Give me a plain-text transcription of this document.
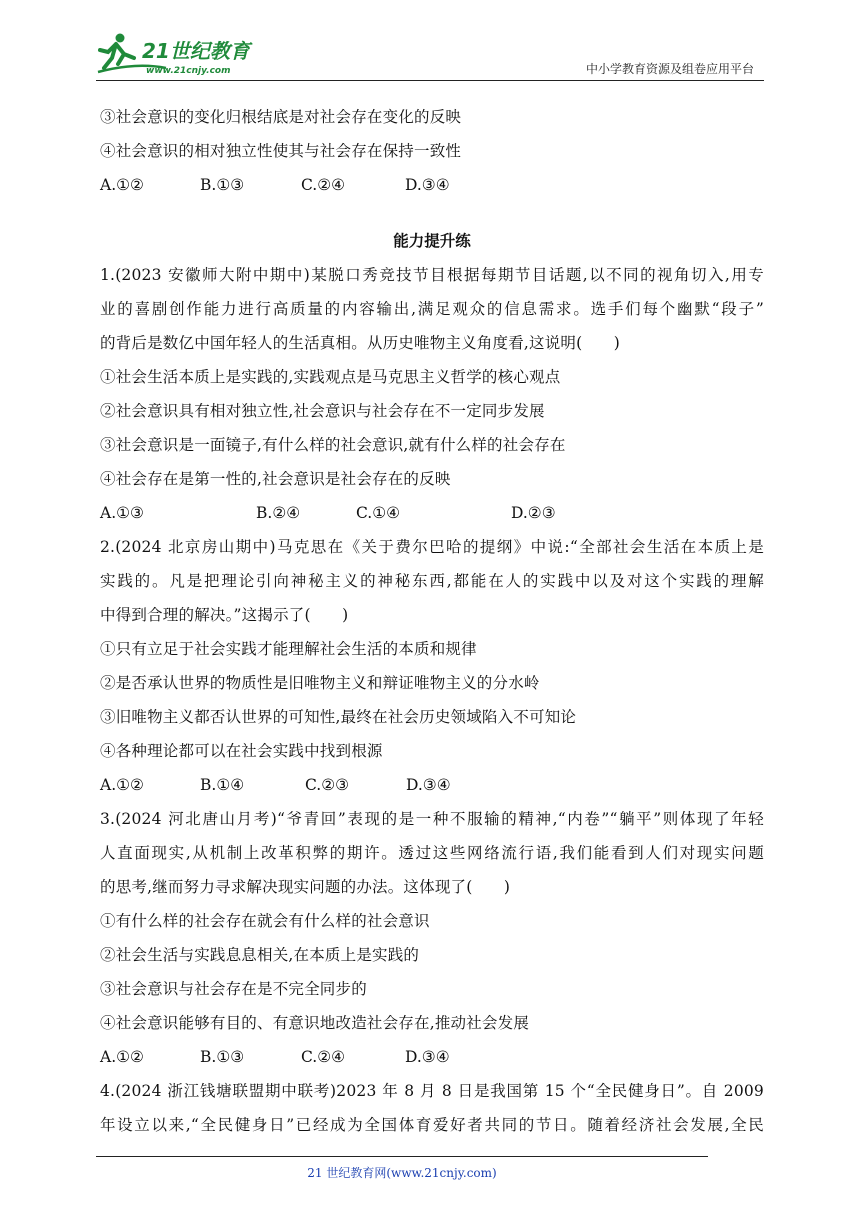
21世纪教育
www.21cnjy.com	中小学教育资源及组卷应用平台
③社会意识的变化归根结底是对社会存在变化的反映
④社会意识的相对独立性使其与社会存在保持一致性
A.①②	B.①③	C.②④	D.③④
能力提升练
1.(2023 安徽师大附中期中)某脱口秀竞技节目根据每期节目话题,以不同的视角切入,用专
业的喜剧创作能力进行高质量的内容输出,满足观众的信息需求。选手们每个幽默“段子”
的背后是数亿中国年轻人的生活真相。从历史唯物主义角度看,这说明(　　)
①社会生活本质上是实践的,实践观点是马克思主义哲学的核心观点
②社会意识具有相对独立性,社会意识与社会存在不一定同步发展
③社会意识是一面镜子,有什么样的社会意识,就有什么样的社会存在
④社会存在是第一性的,社会意识是社会存在的反映
A.①③	B.②④	C.①④	D.②③
2.(2024 北京房山期中)马克思在《关于费尔巴哈的提纲》中说:“全部社会生活在本质上是
实践的。凡是把理论引向神秘主义的神秘东西,都能在人的实践中以及对这个实践的理解
中得到合理的解决。”这揭示了(　　)
①只有立足于社会实践才能理解社会生活的本质和规律
②是否承认世界的物质性是旧唯物主义和辩证唯物主义的分水岭
③旧唯物主义都否认世界的可知性,最终在社会历史领域陷入不可知论
④各种理论都可以在社会实践中找到根源
A.①②	B.①④	C.②③	D.③④
3.(2024 河北唐山月考)“爷青回”表现的是一种不服输的精神,“内卷”“躺平”则体现了年轻
人直面现实,从机制上改革积弊的期许。透过这些网络流行语,我们能看到人们对现实问题
的思考,继而努力寻求解决现实问题的办法。这体现了(　　)
①有什么样的社会存在就会有什么样的社会意识
②社会生活与实践息息相关,在本质上是实践的
③社会意识与社会存在是不完全同步的
④社会意识能够有目的、有意识地改造社会存在,推动社会发展
A.①②	B.①③	C.②④	D.③④
4.(2024 浙江钱塘联盟期中联考)2023 年 8 月 8 日是我国第 15 个“全民健身日”。自 2009
年设立以来,“全民健身日”已经成为全国体育爱好者共同的节日。随着经济社会发展,全民
21 世纪教育网(www.21cnjy.com)
